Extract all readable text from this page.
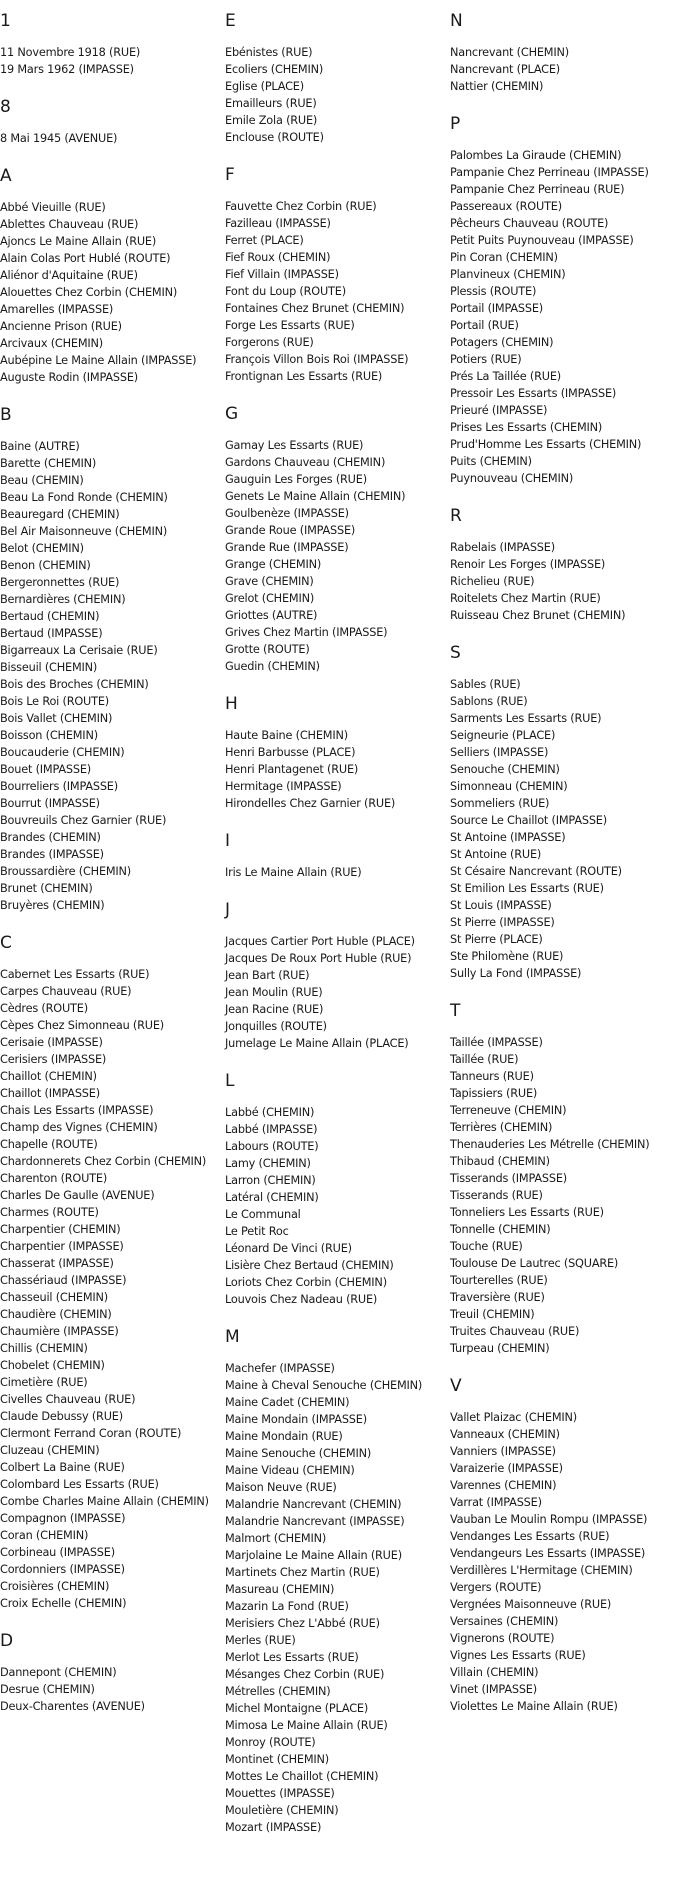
1
11 Novembre 1918 (RUE)
19 Mars 1962 (IMPASSE)
8
8 Mai 1945 (AVENUE)
A
Abbé Vieuille (RUE)
Ablettes Chauveau (RUE)
Ajoncs Le Maine Allain (RUE)
Alain Colas Port Hublé (ROUTE)
Aliénor d'Aquitaine (RUE)
Alouettes Chez Corbin (CHEMIN)
Amarelles (IMPASSE)
Ancienne Prison (RUE)
Arcivaux (CHEMIN)
Aubépine Le Maine Allain (IMPASSE)
Auguste Rodin (IMPASSE)
B
Baine (AUTRE)
Barette (CHEMIN)
Beau (CHEMIN)
Beau La Fond Ronde (CHEMIN)
Beauregard (CHEMIN)
Bel Air Maisonneuve (CHEMIN)
Belot (CHEMIN)
Benon (CHEMIN)
Bergeronnettes (RUE)
Bernardières (CHEMIN)
Bertaud (CHEMIN)
Bertaud (IMPASSE)
Bigarreaux La Cerisaie (RUE)
Bisseuil (CHEMIN)
Bois des Broches (CHEMIN)
Bois Le Roi (ROUTE)
Bois Vallet (CHEMIN)
Boisson (CHEMIN)
Boucauderie (CHEMIN)
Bouet (IMPASSE)
Bourreliers (IMPASSE)
Bourrut (IMPASSE)
Bouvreuils Chez Garnier (RUE)
Brandes (CHEMIN)
Brandes (IMPASSE)
Broussardière (CHEMIN)
Brunet (CHEMIN)
Bruyères (CHEMIN)
C
Cabernet Les Essarts (RUE)
Carpes Chauveau (RUE)
Cèdres (ROUTE)
Cèpes Chez Simonneau (RUE)
Cerisaie (IMPASSE)
Cerisiers (IMPASSE)
Chaillot (CHEMIN)
Chaillot (IMPASSE)
Chais Les Essarts (IMPASSE)
Champ des Vignes (CHEMIN)
Chapelle (ROUTE)
Chardonnerets Chez Corbin (CHEMIN)
Charenton (ROUTE)
Charles De Gaulle (AVENUE)
Charmes (ROUTE)
Charpentier (CHEMIN)
Charpentier (IMPASSE)
Chasserat (IMPASSE)
Chassériaud (IMPASSE)
Chasseuil (CHEMIN)
Chaudière (CHEMIN)
Chaumière (IMPASSE)
Chillis (CHEMIN)
Chobelet (CHEMIN)
Cimetière (RUE)
Civelles Chauveau (RUE)
Claude Debussy (RUE)
Clermont Ferrand Coran (ROUTE)
Cluzeau (CHEMIN)
Colbert La Baine (RUE)
Colombard Les Essarts (RUE)
Combe Charles Maine Allain (CHEMIN)
Compagnon (IMPASSE)
Coran (CHEMIN)
Corbineau (IMPASSE)
Cordonniers (IMPASSE)
Croisières (CHEMIN)
Croix Echelle (CHEMIN)
D
Dannepont (CHEMIN)
Desrue (CHEMIN)
Deux-Charentes (AVENUE)
E
Ebénistes (RUE)
Ecoliers (CHEMIN)
Eglise (PLACE)
Emailleurs (RUE)
Emile Zola (RUE)
Enclouse (ROUTE)
F
Fauvette Chez Corbin (RUE)
Fazilleau (IMPASSE)
Ferret (PLACE)
Fief Roux (CHEMIN)
Fief Villain (IMPASSE)
Font du Loup (ROUTE)
Fontaines Chez Brunet (CHEMIN)
Forge Les Essarts (RUE)
Forgerons (RUE)
François Villon Bois Roi (IMPASSE)
Frontignan Les Essarts (RUE)
G
Gamay Les Essarts (RUE)
Gardons Chauveau (CHEMIN)
Gauguin Les Forges (RUE)
Genets Le Maine Allain (CHEMIN)
Goulbenèze (IMPASSE)
Grande Roue (IMPASSE)
Grande Rue (IMPASSE)
Grange (CHEMIN)
Grave (CHEMIN)
Grelot (CHEMIN)
Griottes (AUTRE)
Grives Chez Martin (IMPASSE)
Grotte (ROUTE)
Guedin (CHEMIN)
H
Haute Baine (CHEMIN)
Henri Barbusse (PLACE)
Henri Plantagenet (RUE)
Hermitage (IMPASSE)
Hirondelles Chez Garnier (RUE)
I
Iris Le Maine Allain (RUE)
J
Jacques Cartier Port Huble (PLACE)
Jacques De Roux Port Huble (RUE)
Jean Bart (RUE)
Jean Moulin (RUE)
Jean Racine (RUE)
Jonquilles (ROUTE)
Jumelage Le Maine Allain (PLACE)
L
Labbé (CHEMIN)
Labbé (IMPASSE)
Labours (ROUTE)
Lamy (CHEMIN)
Larron (CHEMIN)
Latéral (CHEMIN)
Le Communal
Le Petit Roc
Léonard De Vinci (RUE)
Lisière Chez Bertaud (CHEMIN)
Loriots Chez Corbin (CHEMIN)
Louvois Chez Nadeau (RUE)
M
Machefer (IMPASSE)
Maine à Cheval Senouche (CHEMIN)
Maine Cadet (CHEMIN)
Maine Mondain (IMPASSE)
Maine Mondain (RUE)
Maine Senouche (CHEMIN)
Maine Videau (CHEMIN)
Maison Neuve (RUE)
Malandrie Nancrevant (CHEMIN)
Malandrie Nancrevant (IMPASSE)
Malmort (CHEMIN)
Marjolaine Le Maine Allain (RUE)
Martinets Chez Martin (RUE)
Masureau (CHEMIN)
Mazarin La Fond (RUE)
Merisiers Chez L'Abbé (RUE)
Merles (RUE)
Merlot Les Essarts (RUE)
Mésanges Chez Corbin (RUE)
Métrelles (CHEMIN)
Michel Montaigne (PLACE)
Mimosa Le Maine Allain (RUE)
Monroy (ROUTE)
Montinet (CHEMIN)
Mottes Le Chaillot (CHEMIN)
Mouettes (IMPASSE)
Mouletière (CHEMIN)
Mozart (IMPASSE)
N
Nancrevant (CHEMIN)
Nancrevant (PLACE)
Nattier (CHEMIN)
P
Palombes La Giraude (CHEMIN)
Pampanie Chez Perrineau (IMPASSE)
Pampanie Chez Perrineau (RUE)
Passereaux (ROUTE)
Pêcheurs Chauveau (ROUTE)
Petit Puits Puynouveau (IMPASSE)
Pin Coran (CHEMIN)
Planvineux (CHEMIN)
Plessis (ROUTE)
Portail (IMPASSE)
Portail (RUE)
Potagers (CHEMIN)
Potiers (RUE)
Prés La Taillée (RUE)
Pressoir Les Essarts (IMPASSE)
Prieuré (IMPASSE)
Prises Les Essarts (CHEMIN)
Prud'Homme Les Essarts (CHEMIN)
Puits (CHEMIN)
Puynouveau (CHEMIN)
R
Rabelais (IMPASSE)
Renoir Les Forges (IMPASSE)
Richelieu (RUE)
Roitelets Chez Martin (RUE)
Ruisseau Chez Brunet (CHEMIN)
S
Sables (RUE)
Sablons (RUE)
Sarments Les Essarts (RUE)
Seigneurie (PLACE)
Selliers (IMPASSE)
Senouche (CHEMIN)
Simonneau (CHEMIN)
Sommeliers (RUE)
Source Le Chaillot (IMPASSE)
St Antoine (IMPASSE)
St Antoine (RUE)
St Césaire Nancrevant (ROUTE)
St Emilion Les Essarts (RUE)
St Louis (IMPASSE)
St Pierre (IMPASSE)
St Pierre (PLACE)
Ste Philomène (RUE)
Sully La Fond (IMPASSE)
T
Taillée (IMPASSE)
Taillée (RUE)
Tanneurs (RUE)
Tapissiers (RUE)
Terreneuve (CHEMIN)
Terrières (CHEMIN)
Thenauderies Les Métrelle (CHEMIN)
Thibaud (CHEMIN)
Tisserands (IMPASSE)
Tisserands (RUE)
Tonneliers Les Essarts (RUE)
Tonnelle (CHEMIN)
Touche (RUE)
Toulouse De Lautrec (SQUARE)
Tourterelles (RUE)
Traversière (RUE)
Treuil (CHEMIN)
Truites Chauveau (RUE)
Turpeau (CHEMIN)
V
Vallet Plaizac (CHEMIN)
Vanneaux (CHEMIN)
Vanniers (IMPASSE)
Varaizerie (IMPASSE)
Varennes (CHEMIN)
Varrat (IMPASSE)
Vauban Le Moulin Rompu (IMPASSE)
Vendanges Les Essarts (RUE)
Vendangeurs Les Essarts (IMPASSE)
Verdillères L'Hermitage (CHEMIN)
Vergers (ROUTE)
Vergnées Maisonneuve (RUE)
Versaines (CHEMIN)
Vignerons (ROUTE)
Vignes Les Essarts (RUE)
Villain (CHEMIN)
Vinet (IMPASSE)
Violettes Le Maine Allain (RUE)
